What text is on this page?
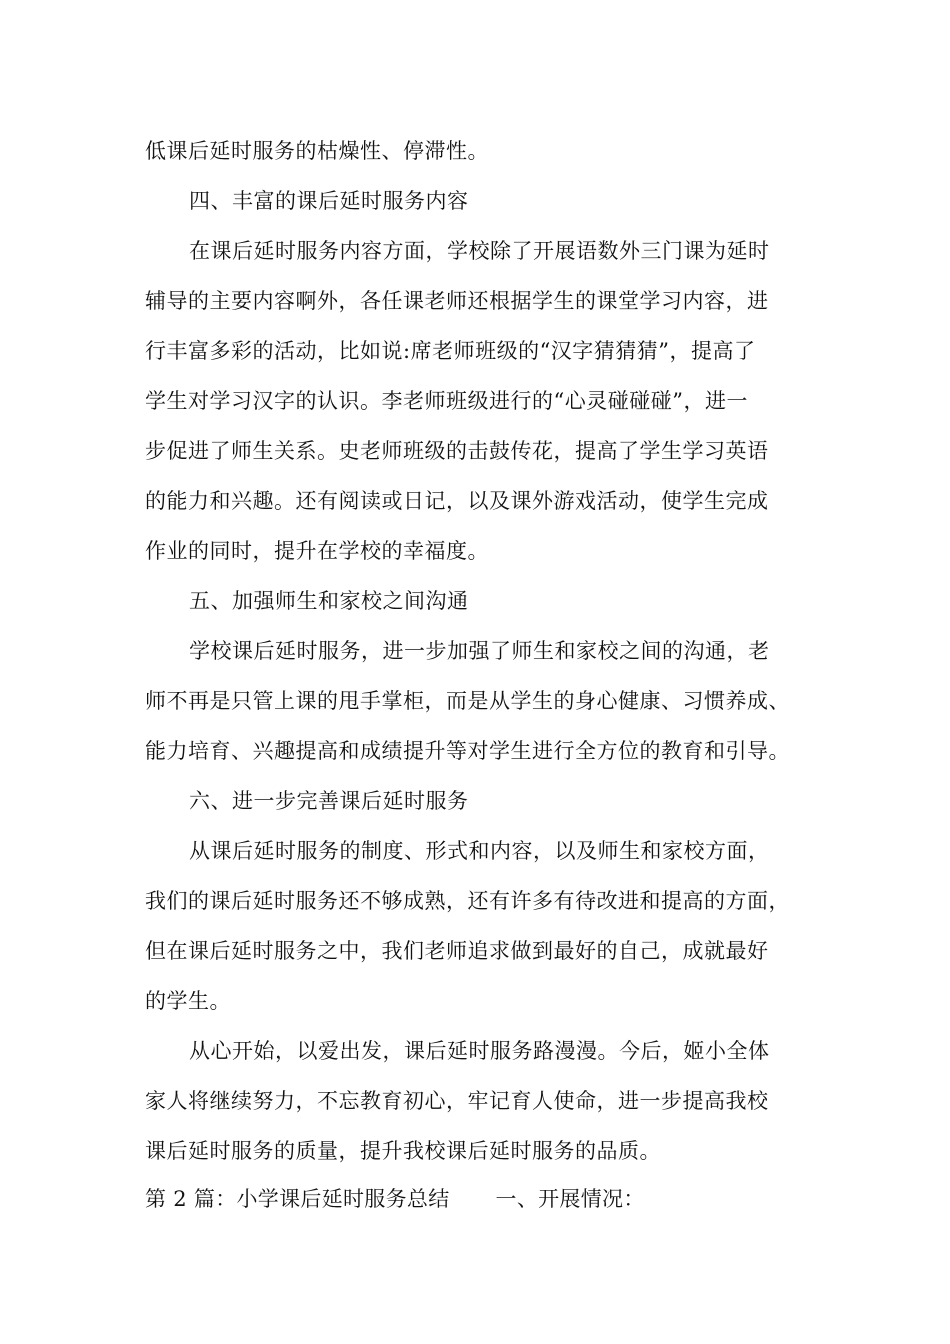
低课后延时服务的枯燥性、停滞性。
四、丰富的课后延时服务内容
在课后延时服务内容方面，学校除了开展语数外三门课为延时
辅导的主要内容啊外，各任课老师还根据学生的课堂学习内容，进
行丰富多彩的活动，比如说:席老师班级的“汉字猜猜猜”，提高了
学生对学习汉字的认识。李老师班级进行的“心灵碰碰碰”，进一
步促进了师生关系。史老师班级的击鼓传花，提高了学生学习英语
的能力和兴趣。还有阅读或日记，以及课外游戏活动，使学生完成
作业的同时，提升在学校的幸福度。
五、加强师生和家校之间沟通
学校课后延时服务，进一步加强了师生和家校之间的沟通，老
师不再是只管上课的甩手掌柜，而是从学生的身心健康、习惯养成、
能力培育、兴趣提高和成绩提升等对学生进行全方位的教育和引导。
六、进一步完善课后延时服务
从课后延时服务的制度、形式和内容，以及师生和家校方面，
我们的课后延时服务还不够成熟，还有许多有待改进和提高的方面，
但在课后延时服务之中，我们老师追求做到最好的自己，成就最好
的学生。
从心开始，以爱出发，课后延时服务路漫漫。今后，姬小全体
家人将继续努力，不忘教育初心，牢记育人使命，进一步提高我校
课后延时服务的质量，提升我校课后延时服务的品质。
第 2 篇：小学课后延时服务总结 一、开展情况：
